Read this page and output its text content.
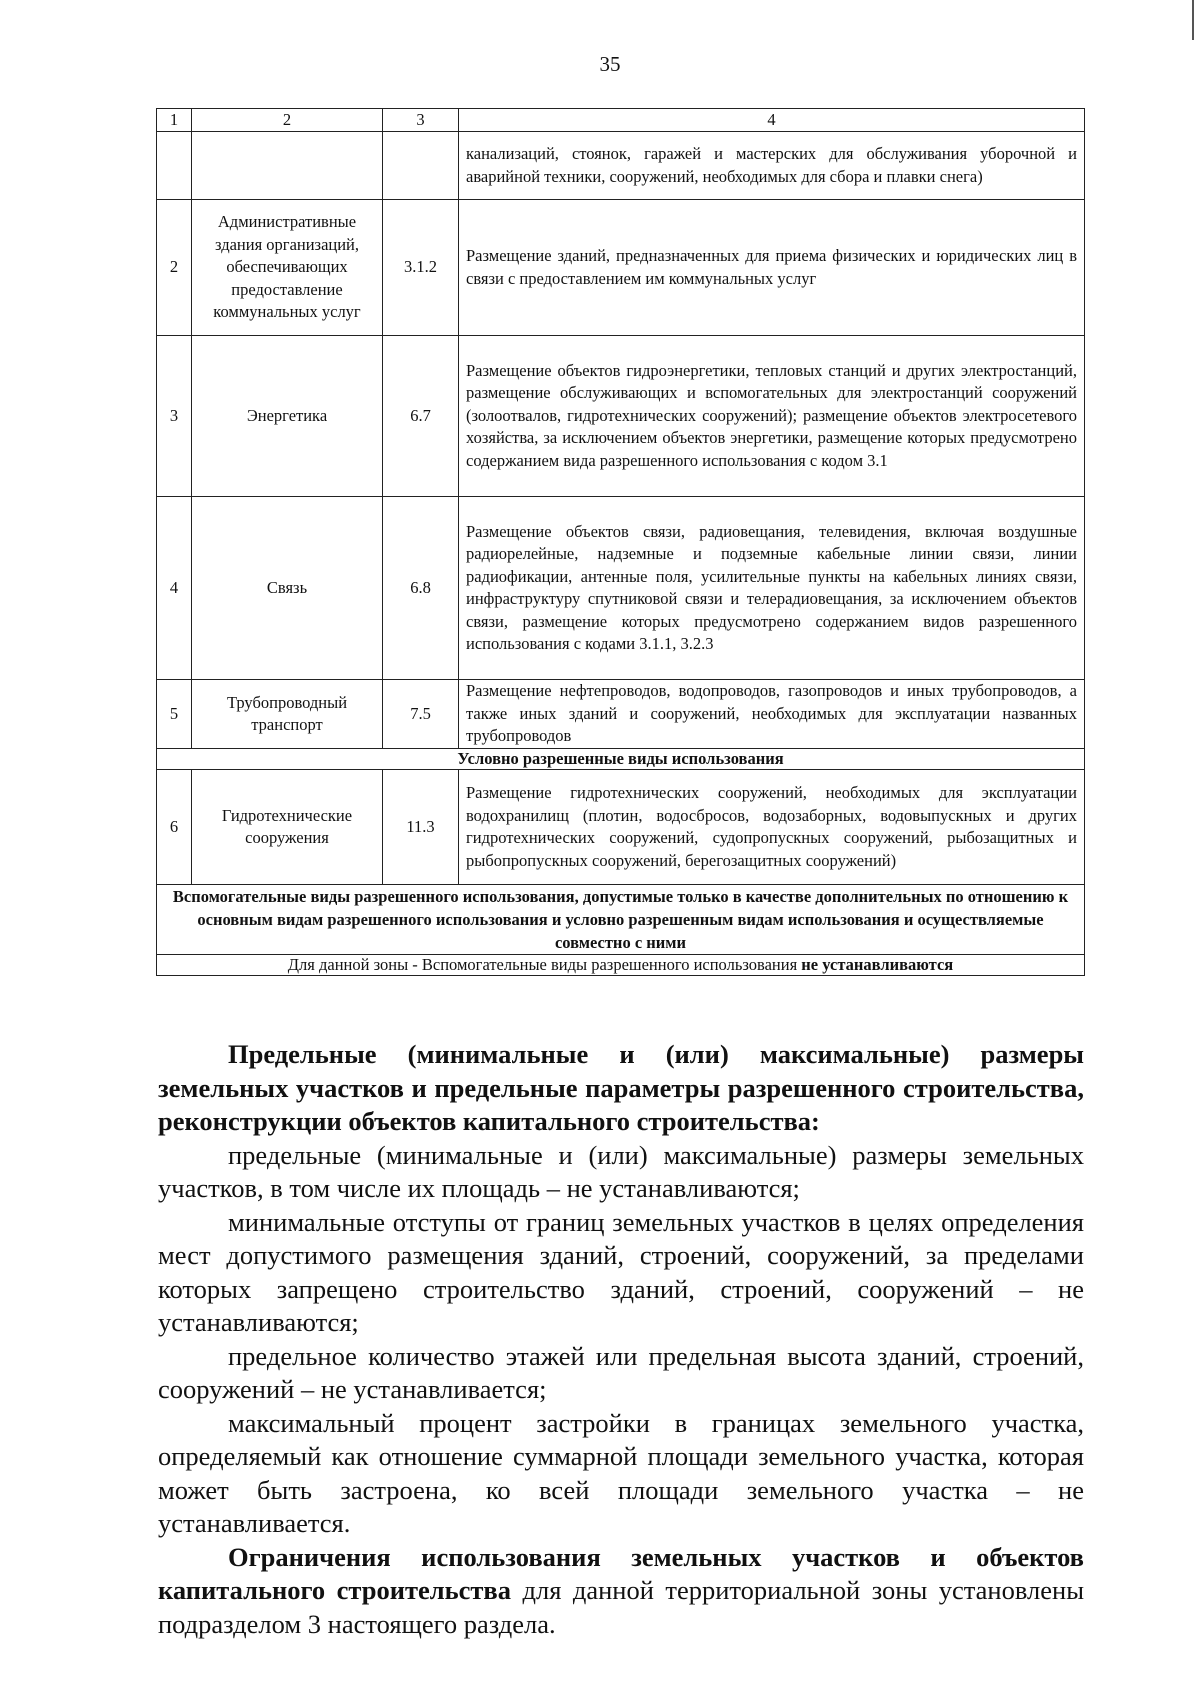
35
1	2	3	4
			канализаций, стоянок, гаражей и мастерских для обслуживания уборочной и аварийной техники, сооружений, необходимых для сбора и плавки снега)
2	Административные здания организаций, обеспечивающих предоставление коммунальных услуг	3.1.2	Размещение зданий, предназначенных для приема физических и юридических лиц в связи с предоставлением им коммунальных услуг
3	Энергетика	6.7	Размещение объектов гидроэнергетики, тепловых станций и других электростанций, размещение обслуживающих и вспомогательных для электростанций сооружений (золоотвалов, гидротехнических сооружений); размещение объектов электросетевого хозяйства, за исключением объектов энергетики, размещение которых предусмотрено содержанием вида разрешенного использования с кодом 3.1
4	Связь	6.8	Размещение объектов связи, радиовещания, телевидения, включая воздушные радиорелейные, надземные и подземные кабельные линии связи, линии радиофикации, антенные поля, усилительные пункты на кабельных линиях связи, инфраструктуру спутниковой связи и телерадиовещания, за исключением объектов связи, размещение которых предусмотрено содержанием видов разрешенного использования с кодами 3.1.1, 3.2.3
5	Трубопроводный транспорт	7.5	Размещение нефтепроводов, водопроводов, газопроводов и иных трубопроводов, а также иных зданий и сооружений, необходимых для эксплуатации названных трубопроводов
Условно разрешенные виды использования			
6	Гидротехнические сооружения	11.3	Размещение гидротехнических сооружений, необходимых для эксплуатации водохранилищ (плотин, водосбросов, водозаборных, водовыпускных и других гидротехнических сооружений, судопропускных сооружений, рыбозащитных и рыбопропускных сооружений, берегозащитных сооружений)
Вспомогательные виды разрешенного использования, допустимые только в качестве дополнительных по отношению к основным видам разрешенного использования и условно разрешенным видам использования и осуществляемые совместно с ними			
Для данной зоны - Вспомогательные виды разрешенного использования не устанавливаются			

Предельные (минимальные и (или) максимальные) размеры земельных участков и предельные параметры разрешенного строительства, реконструкции объектов капитального строительства:

предельные (минимальные и (или) максимальные) размеры земельных участков, в том числе их площадь – не устанавливаются;

минимальные отступы от границ земельных участков в целях определения мест допустимого размещения зданий, строений, сооружений, за пределами которых запрещено строительство зданий, строений, сооружений – не устанавливаются;

предельное количество этажей или предельная высота зданий, строений, сооружений – не устанавливается;

максимальный процент застройки в границах земельного участка, определяемый как отношение суммарной площади земельного участка, которая может быть застроена, ко всей площади земельного участка – не устанавливается.

Ограничения использования земельных участков и объектов капитального строительства для данной территориальной зоны установлены подразделом 3 настоящего раздела.
